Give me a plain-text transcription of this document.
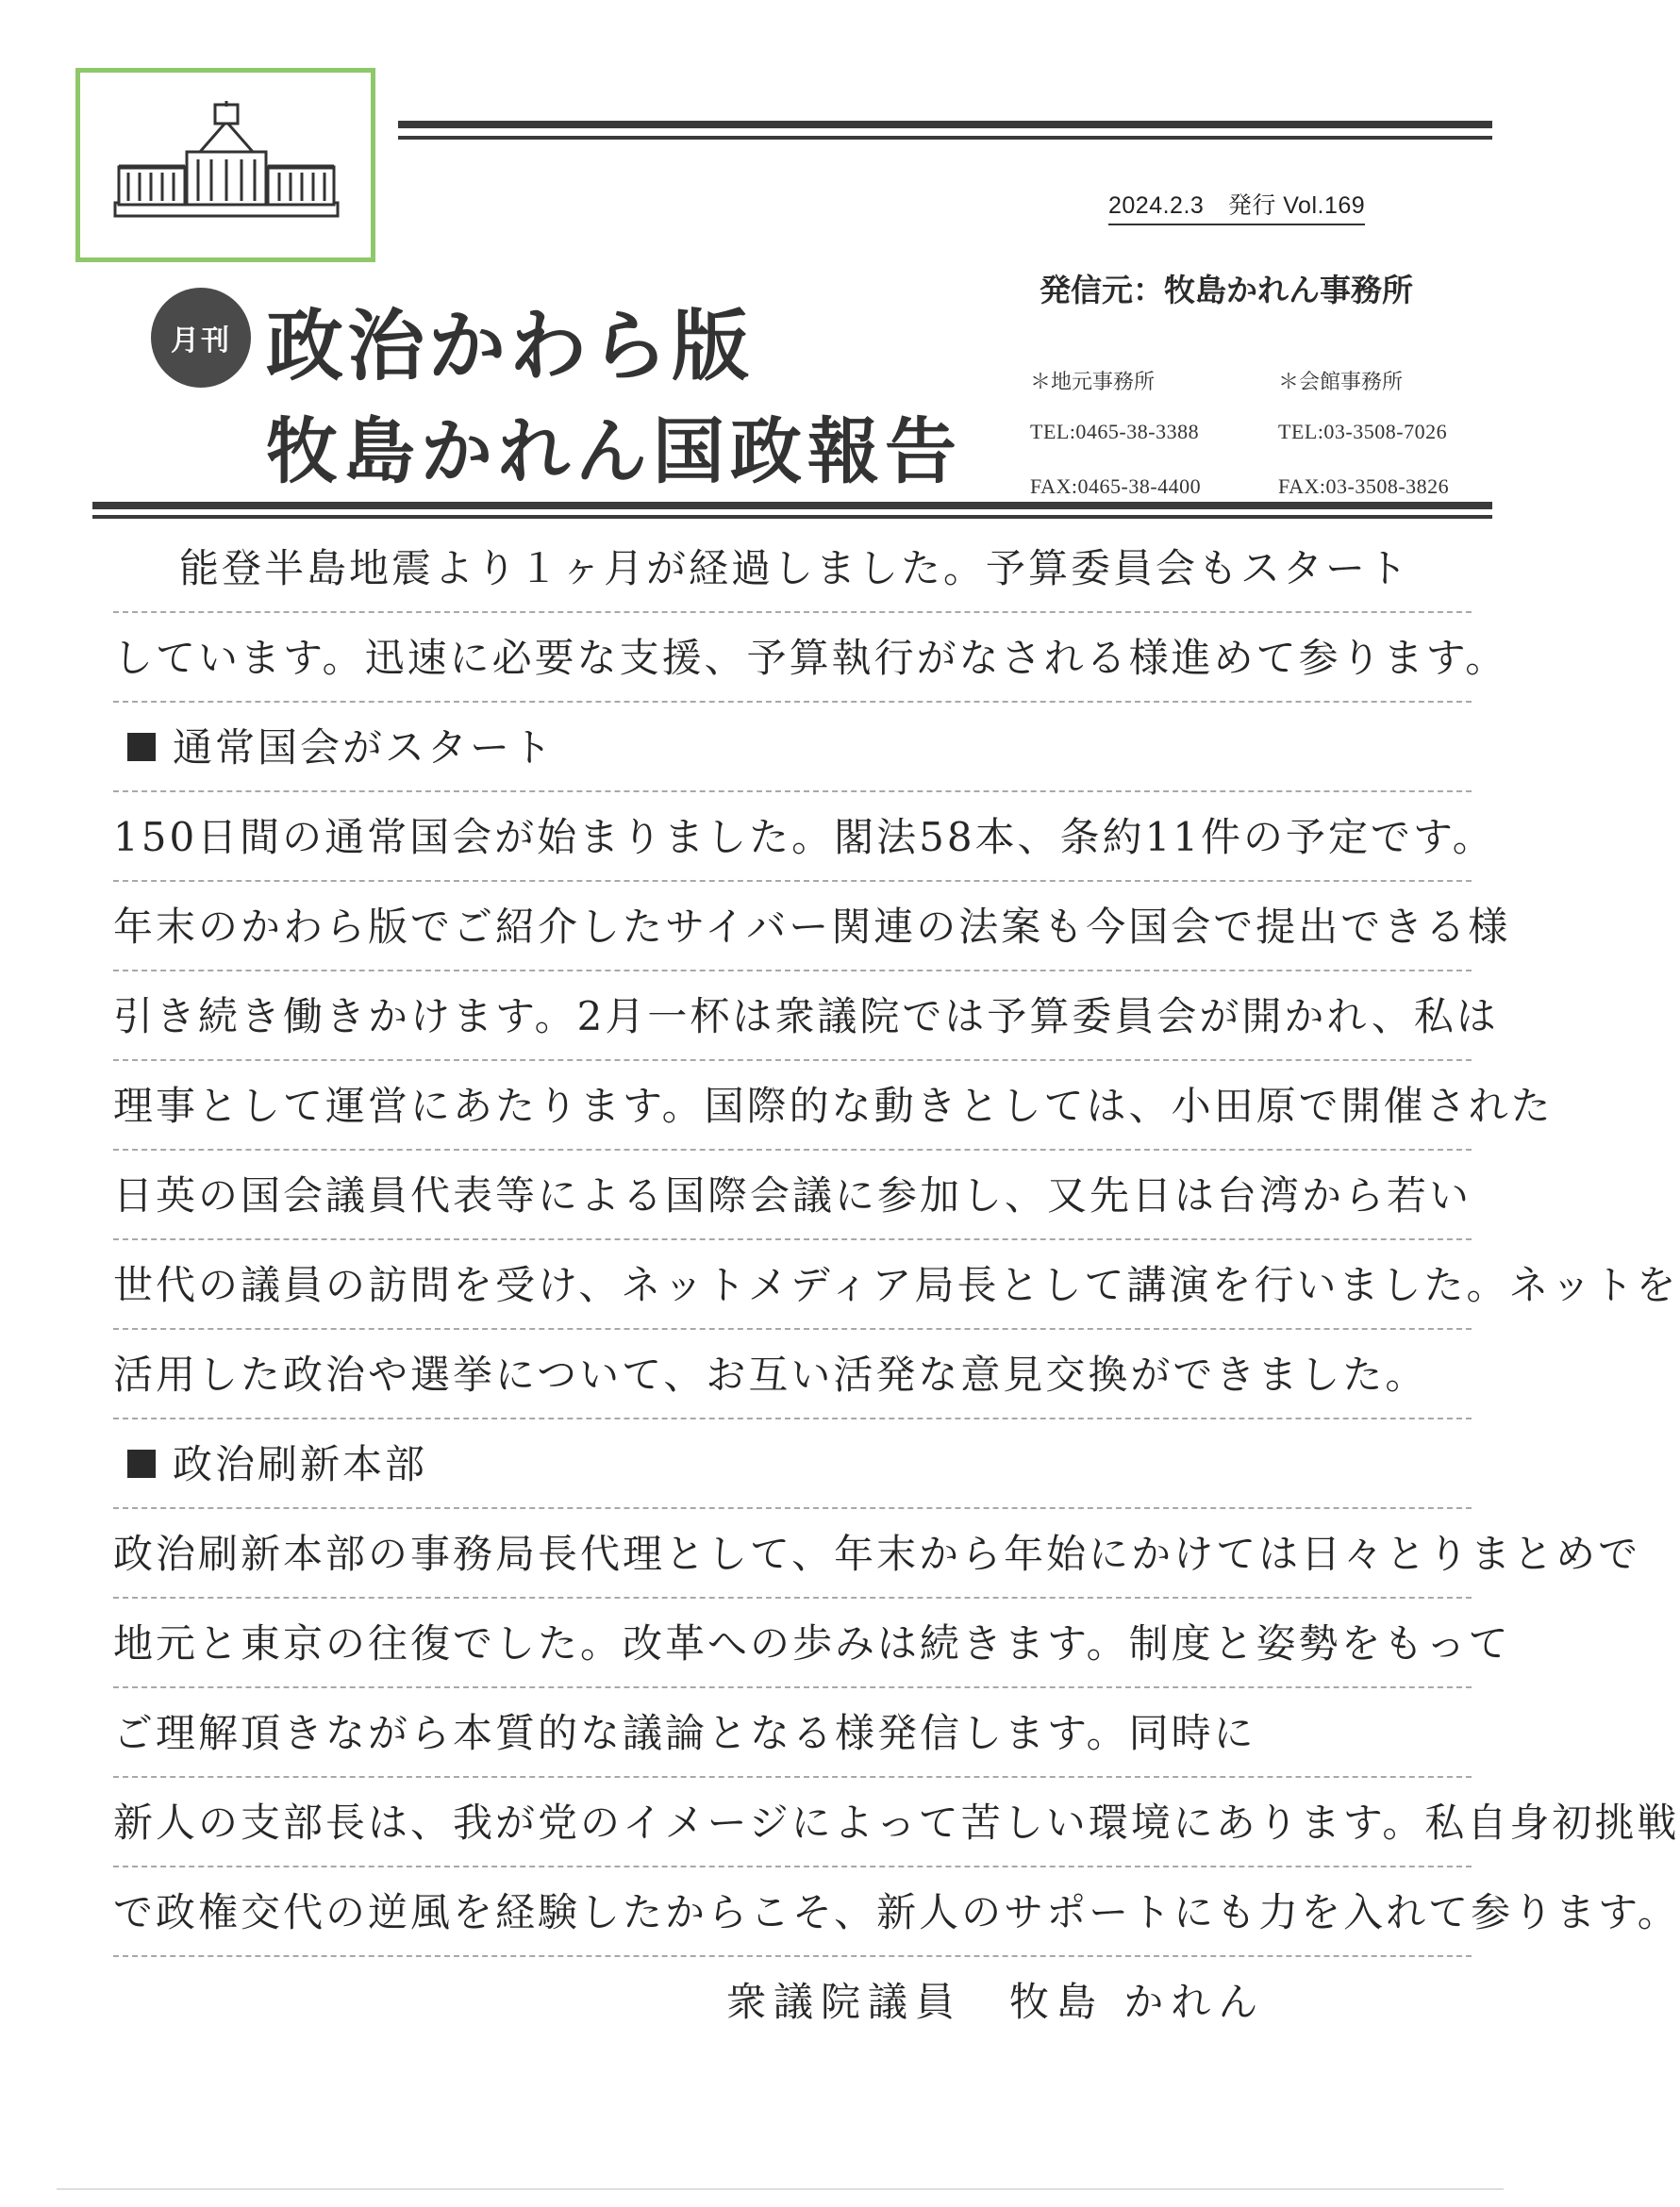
2024.2.3　発行 Vol.169
発信元：牧島かれん事務所
月刊 政治かわら版
牧島かれん国政報告
＊地元事務所
TEL:0465-38-3388
FAX:0465-38-4400
＊会館事務所
TEL:03-3508-7026
FAX:03-3508-3826
能登半島地震より１ヶ月が経過しました。予算委員会もスタート
しています。迅速に必要な支援、予算執行がなされる様進めて参ります。
通常国会がスタート
150日間の通常国会が始まりました。閣法58本、条約11件の予定です。
年末のかわら版でご紹介したサイバー関連の法案も今国会で提出できる様
引き続き働きかけます。2月一杯は衆議院では予算委員会が開かれ、私は
理事として運営にあたります。国際的な動きとしては、小田原で開催された
日英の国会議員代表等による国際会議に参加し、又先日は台湾から若い
世代の議員の訪問を受け、ネットメディア局長として講演を行いました。ネットを
活用した政治や選挙について、お互い活発な意見交換ができました。
政治刷新本部
政治刷新本部の事務局長代理として、年末から年始にかけては日々とりまとめで
地元と東京の往復でした。改革への歩みは続きます。制度と姿勢をもって
ご理解頂きながら本質的な議論となる様発信します。同時に
新人の支部長は、我が党のイメージによって苦しい環境にあります。私自身初挑戦
で政権交代の逆風を経験したからこそ、新人のサポートにも力を入れて参ります。
衆議院議員　牧島 かれん
